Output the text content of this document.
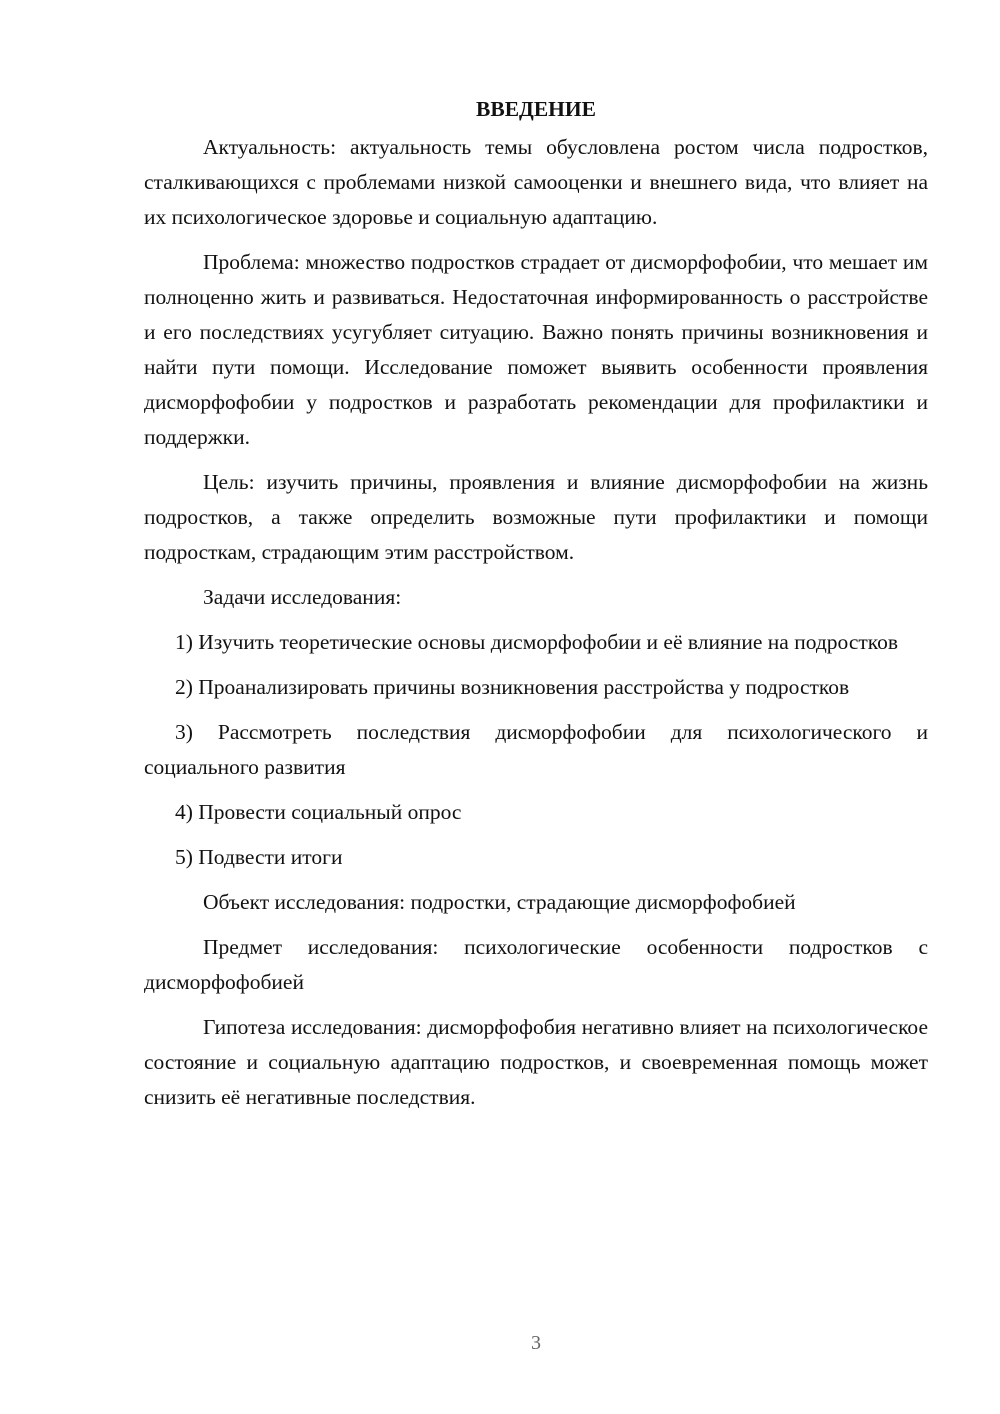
ВВЕДЕНИЕ

Актуальность: актуальность темы обусловлена ростом числа подростков, сталкивающихся с проблемами низкой самооценки и внешнего вида, что влияет на их психологическое здоровье и социальную адаптацию.

Проблема: множество подростков страдает от дисморфофобии, что мешает им полноценно жить и развиваться. Недостаточная информированность о расстройстве и его последствиях усугубляет ситуацию. Важно понять причины возникновения и найти пути помощи. Исследование поможет выявить особенности проявления дисморфофобии у подростков и разработать рекомендации для профилактики и поддержки.

Цель: изучить причины, проявления и влияние дисморфофобии на жизнь подростков, а также определить возможные пути профилактики и помощи подросткам, страдающим этим расстройством.

Задачи исследования:

1) Изучить теоретические основы дисморфофобии и её влияние на подростков

2) Проанализировать причины возникновения расстройства у подростков

3) Рассмотреть последствия дисморфофобии для психологического и социального развития

4) Провести социальный опрос

5) Подвести итоги

Объект исследования: подростки, страдающие дисморфофобией

Предмет исследования: психологические особенности подростков с дисморфофобией

Гипотеза исследования: дисморфофобия негативно влияет на психологическое состояние и социальную адаптацию подростков, и своевременная помощь может снизить её негативные последствия.

3
